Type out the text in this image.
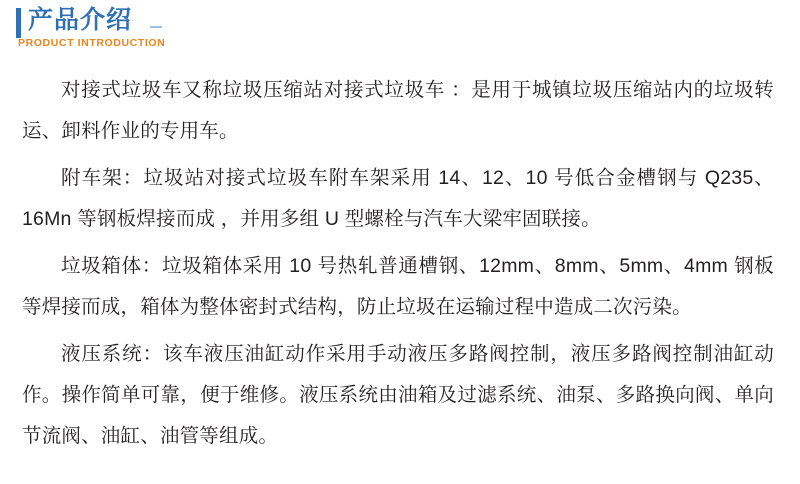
产品介绍
PRODUCT INTRODUCTION

对接式垃圾车又称垃圾压缩站对接式垃圾车 ：是用于城镇垃圾压缩站内的垃圾转运、卸料作业的专用车。

附车架：垃圾站对接式垃圾车附车架采用 14、12、10 号低合金槽钢与 Q235、16Mn 等钢板焊接而成 ，并用多组 U 型螺栓与汽车大梁牢固联接。

垃圾箱体：垃圾箱体采用 10 号热轧普通槽钢、12mm、8mm、5mm、4mm 钢板等焊接而成，箱体为整体密封式结构，防止垃圾在运输过程中造成二次污染。

液压系统：该车液压油缸动作采用手动液压多路阀控制，液压多路阀控制油缸动作。操作简单可靠，便于维修。液压系统由油箱及过滤系统、油泵、多路换向阀、单向节流阀、油缸、油管等组成。
